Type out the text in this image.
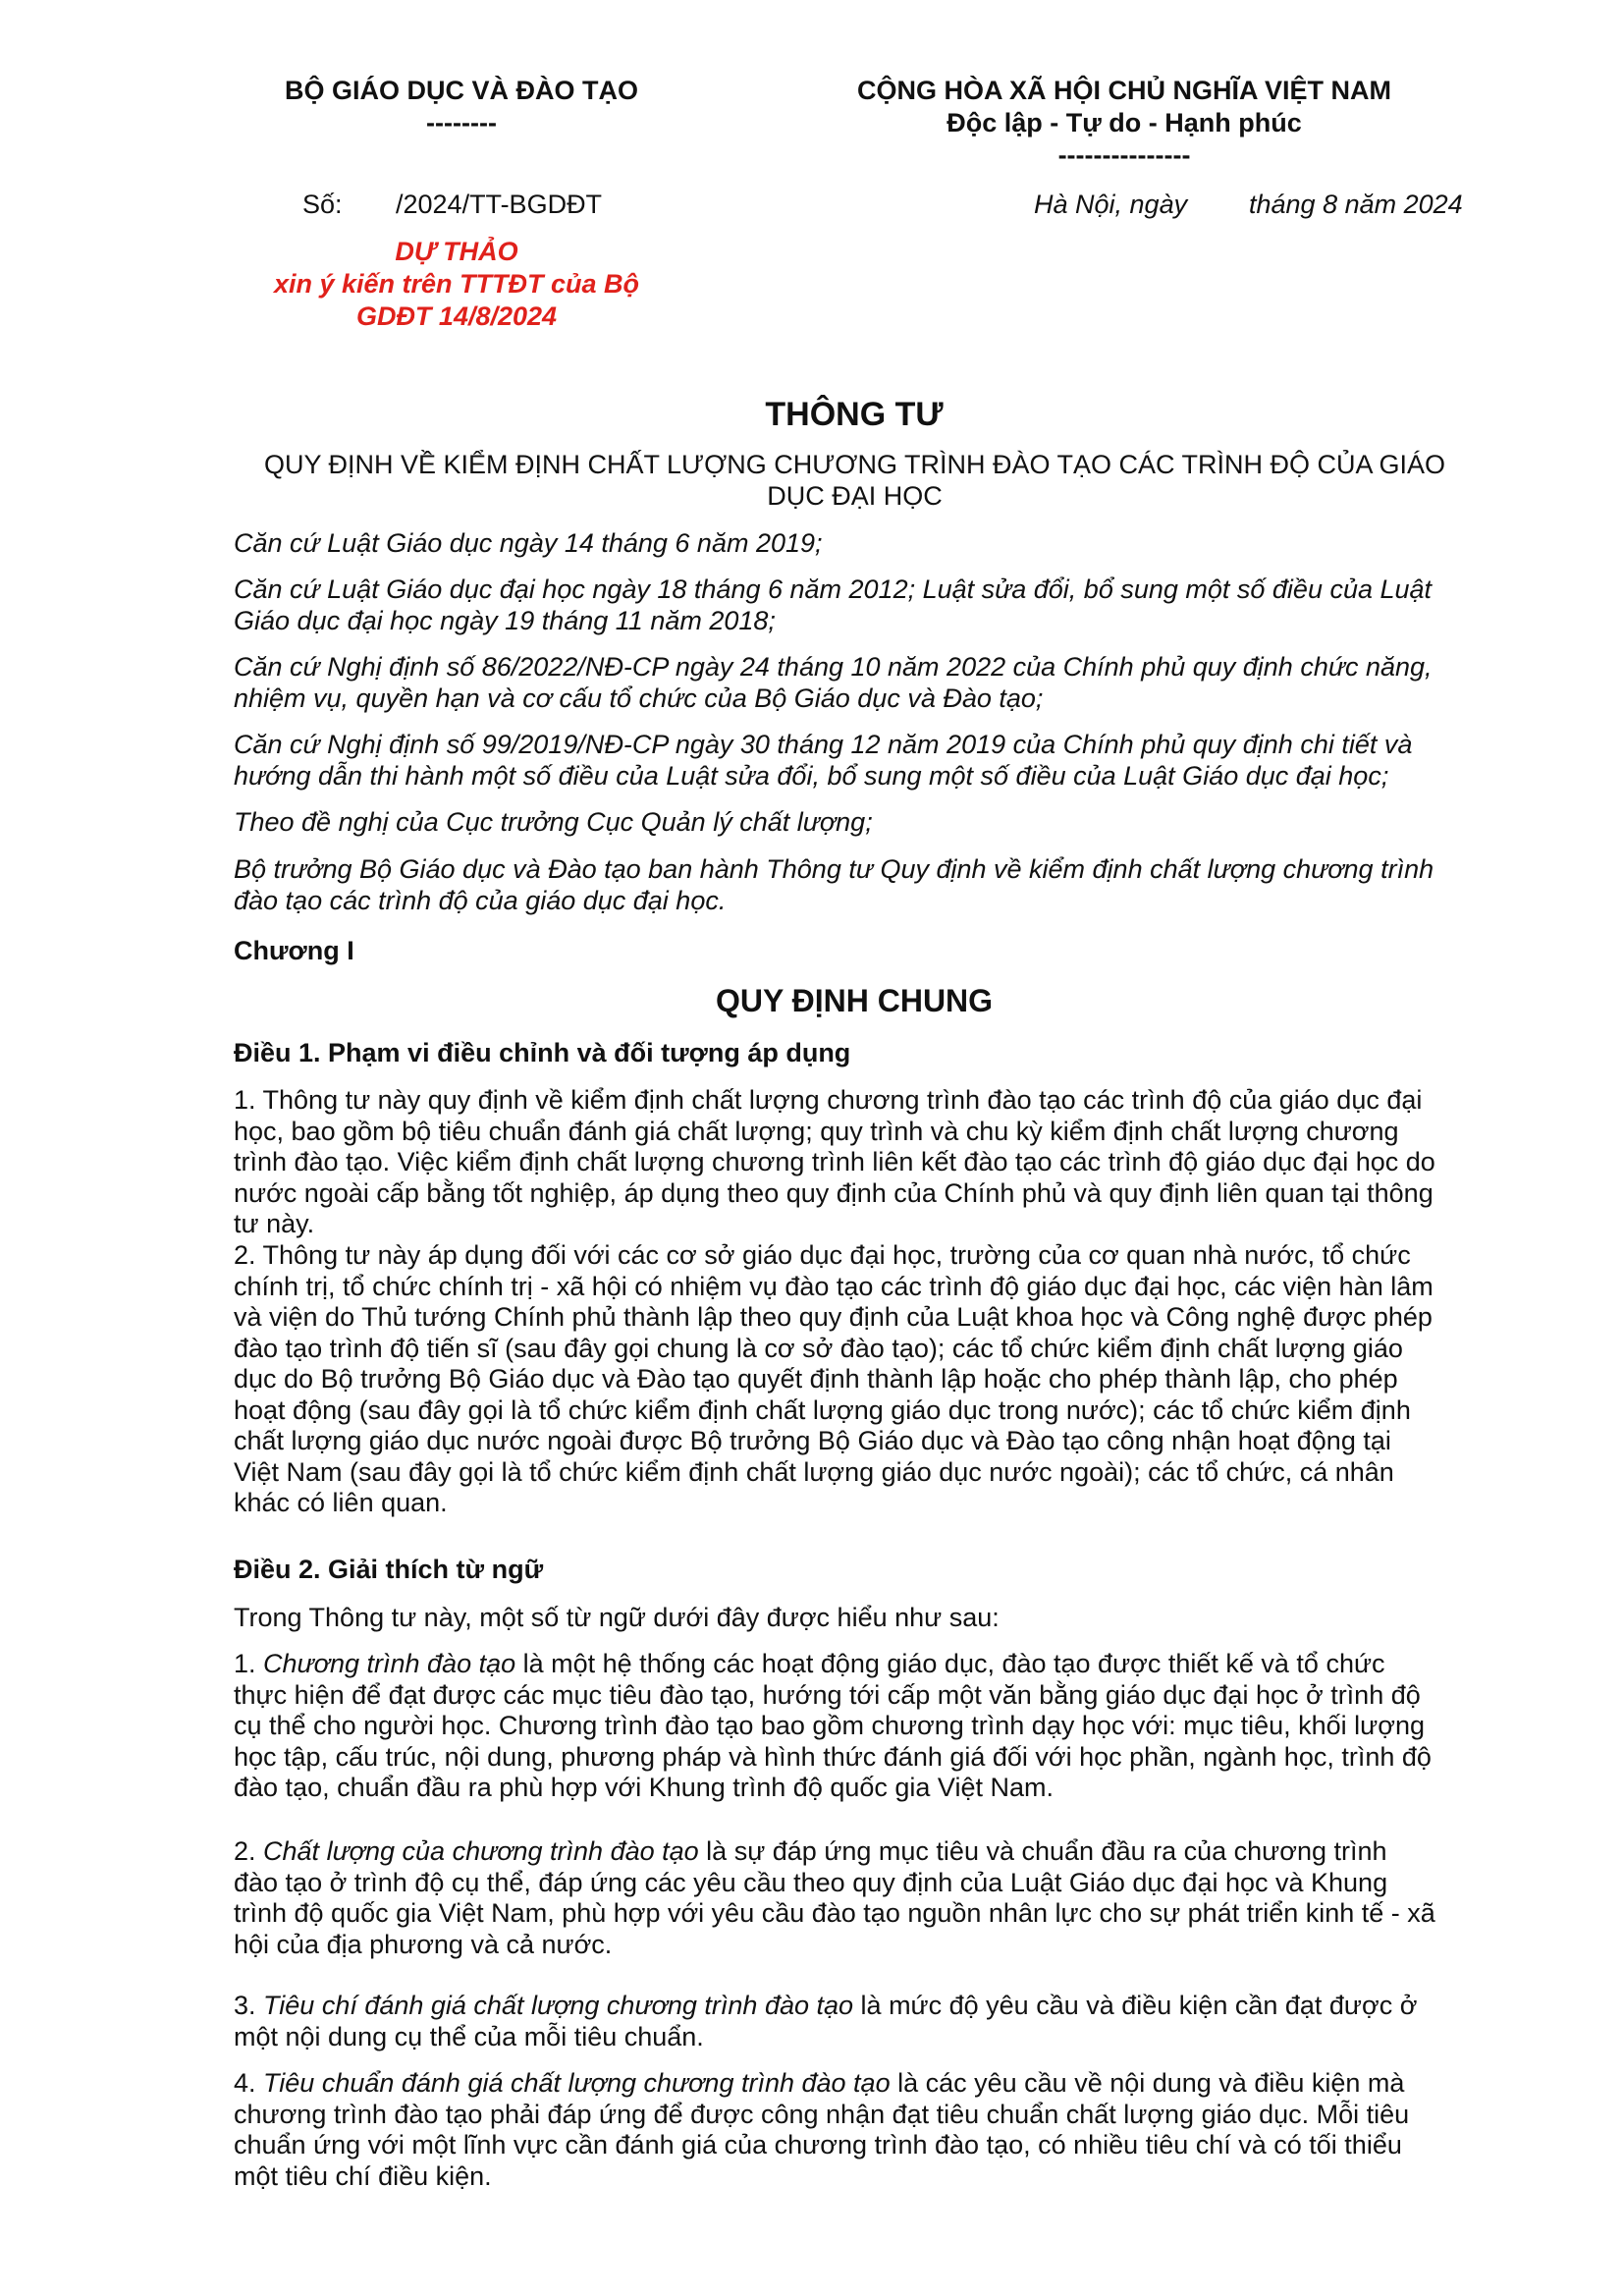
BỘ GIÁO DỤC VÀ ĐÀO TẠO
--------
CỘNG HÒA XÃ HỘI CHỦ NGHĨA VIỆT NAM
Độc lập - Tự do - Hạnh phúc
---------------
Số: /2024/TT-BGDĐT	Hà Nội, ngày tháng 8 năm 2024
DỰ THẢO
xin ý kiến trên TTTĐT của Bộ
GDĐT 14/8/2024
THÔNG TƯ
QUY ĐỊNH VỀ KIỂM ĐỊNH CHẤT LƯỢNG CHƯƠNG TRÌNH ĐÀO TẠO CÁC TRÌNH ĐỘ CỦA GIÁO
DỤC ĐẠI HỌC

Căn cứ Luật Giáo dục ngày 14 tháng 6 năm 2019;

Căn cứ Luật Giáo dục đại học ngày 18 tháng 6 năm 2012; Luật sửa đổi, bổ sung một số điều của Luật

Giáo dục đại học ngày 19 tháng 11 năm 2018;

Căn cứ Nghị định số 86/2022/NĐ-CP ngày 24 tháng 10 năm 2022 của Chính phủ quy định chức năng,

nhiệm vụ, quyền hạn và cơ cấu tổ chức của Bộ Giáo dục và Đào tạo;

Căn cứ Nghị định số 99/2019/NĐ-CP ngày 30 tháng 12 năm 2019 của Chính phủ quy định chi tiết và

hướng dẫn thi hành một số điều của Luật sửa đổi, bổ sung một số điều của Luật Giáo dục đại học;

Theo đề nghị của Cục trưởng Cục Quản lý chất lượng;

Bộ trưởng Bộ Giáo dục và Đào tạo ban hành Thông tư Quy định về kiểm định chất lượng chương trình

đào tạo các trình độ của giáo dục đại học.

Chương I
QUY ĐỊNH CHUNG
Điều 1. Phạm vi điều chỉnh và đối tượng áp dụng

1. Thông tư này quy định về kiểm định chất lượng chương trình đào tạo các trình độ của giáo dục đại

học, bao gồm bộ tiêu chuẩn đánh giá chất lượng; quy trình và chu kỳ kiểm định chất lượng chương

trình đào tạo. Việc kiểm định chất lượng chương trình liên kết đào tạo các trình độ giáo dục đại học do

nước ngoài cấp bằng tốt nghiệp, áp dụng theo quy định của Chính phủ và quy định liên quan tại thông

tư này.

2. Thông tư này áp dụng đối với các cơ sở giáo dục đại học, trường của cơ quan nhà nước, tổ chức

chính trị, tổ chức chính trị - xã hội có nhiệm vụ đào tạo các trình độ giáo dục đại học, các viện hàn lâm

và viện do Thủ tướng Chính phủ thành lập theo quy định của Luật khoa học và Công nghệ được phép

đào tạo trình độ tiến sĩ (sau đây gọi chung là cơ sở đào tạo); các tổ chức kiểm định chất lượng giáo

dục do Bộ trưởng Bộ Giáo dục và Đào tạo quyết định thành lập hoặc cho phép thành lập, cho phép

hoạt động (sau đây gọi là tổ chức kiểm định chất lượng giáo dục trong nước); các tổ chức kiểm định

chất lượng giáo dục nước ngoài được Bộ trưởng Bộ Giáo dục và Đào tạo công nhận hoạt động tại

Việt Nam (sau đây gọi là tổ chức kiểm định chất lượng giáo dục nước ngoài); các tổ chức, cá nhân

khác có liên quan.

Điều 2. Giải thích từ ngữ
Trong Thông tư này, một số từ ngữ dưới đây được hiểu như sau:

1. Chương trình đào tạo là một hệ thống các hoạt động giáo dục, đào tạo được thiết kế và tổ chức

thực hiện để đạt được các mục tiêu đào tạo, hướng tới cấp một văn bằng giáo dục đại học ở trình độ

cụ thể cho người học. Chương trình đào tạo bao gồm chương trình dạy học với: mục tiêu, khối lượng

học tập, cấu trúc, nội dung, phương pháp và hình thức đánh giá đối với học phần, ngành học, trình độ

đào tạo, chuẩn đầu ra phù hợp với Khung trình độ quốc gia Việt Nam.

2. Chất lượng của chương trình đào tạo là sự đáp ứng mục tiêu và chuẩn đầu ra của chương trình

đào tạo ở trình độ cụ thể, đáp ứng các yêu cầu theo quy định của Luật Giáo dục đại học và Khung

trình độ quốc gia Việt Nam, phù hợp với yêu cầu đào tạo nguồn nhân lực cho sự phát triển kinh tế - xã

hội của địa phương và cả nước.

3. Tiêu chí đánh giá chất lượng chương trình đào tạo là mức độ yêu cầu và điều kiện cần đạt được ở

một nội dung cụ thể của mỗi tiêu chuẩn.

4. Tiêu chuẩn đánh giá chất lượng chương trình đào tạo là các yêu cầu về nội dung và điều kiện mà

chương trình đào tạo phải đáp ứng để được công nhận đạt tiêu chuẩn chất lượng giáo dục. Mỗi tiêu

chuẩn ứng với một lĩnh vực cần đánh giá của chương trình đào tạo, có nhiều tiêu chí và có tối thiểu

một tiêu chí điều kiện.
